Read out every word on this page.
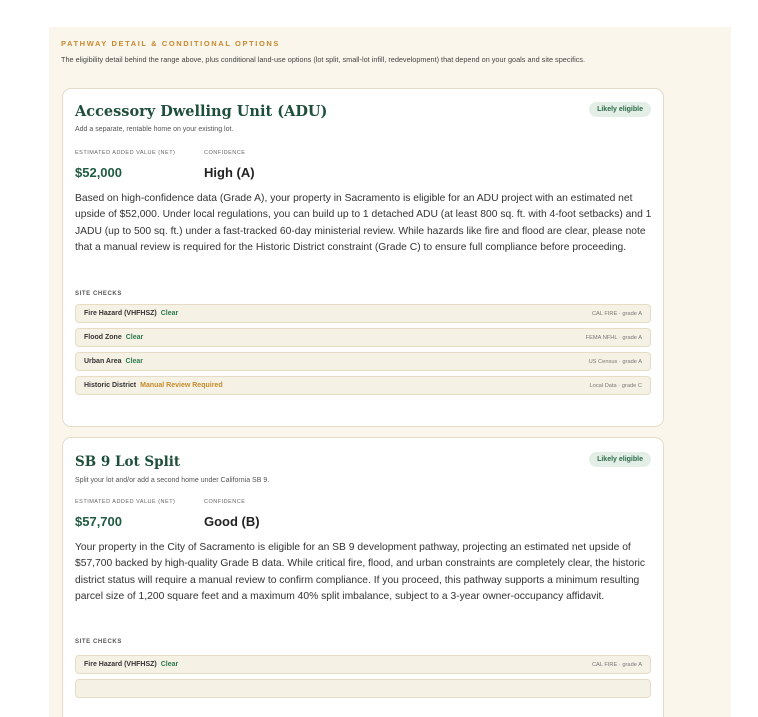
PATHWAY DETAIL & CONDITIONAL OPTIONS
The eligibility detail behind the range above, plus conditional land-use options (lot split, small-lot infill, redevelopment) that depend on your goals and site specifics.
Accessory Dwelling Unit (ADU)	Likely eligible
Add a separate, rentable home on your existing lot.
ESTIMATED ADDED VALUE (NET)	CONFIDENCE
$52,000	High (A)
Based on high-confidence data (Grade A), your property in Sacramento is eligible for an ADU project with an estimated net upside of $52,000. Under local regulations, you can build up to 1 detached ADU (at least 800 sq. ft. with 4-foot setbacks) and 1 JADU (up to 500 sq. ft.) under a fast-tracked 60-day ministerial review. While hazards like fire and flood are clear, please note that a manual review is required for the Historic District constraint (Grade C) to ensure full compliance before proceeding.
SITE CHECKS
Fire Hazard (VHFHSZ) Clear	CAL FIRE · grade A
Flood Zone Clear	FEMA NFHL · grade A
Urban Area Clear	US Census · grade A
Historic District Manual Review Required	Local Data · grade C
SB 9 Lot Split	Likely eligible
Split your lot and/or add a second home under California SB 9.
ESTIMATED ADDED VALUE (NET)	CONFIDENCE
$57,700	Good (B)
Your property in the City of Sacramento is eligible for an SB 9 development pathway, projecting an estimated net upside of $57,700 backed by high-quality Grade B data. While critical fire, flood, and urban constraints are completely clear, the historic district status will require a manual review to confirm compliance. If you proceed, this pathway supports a minimum resulting parcel size of 1,200 square feet and a maximum 40% split imbalance, subject to a 3-year owner-occupancy affidavit.
SITE CHECKS
Fire Hazard (VHFHSZ) Clear	CAL FIRE · grade A
